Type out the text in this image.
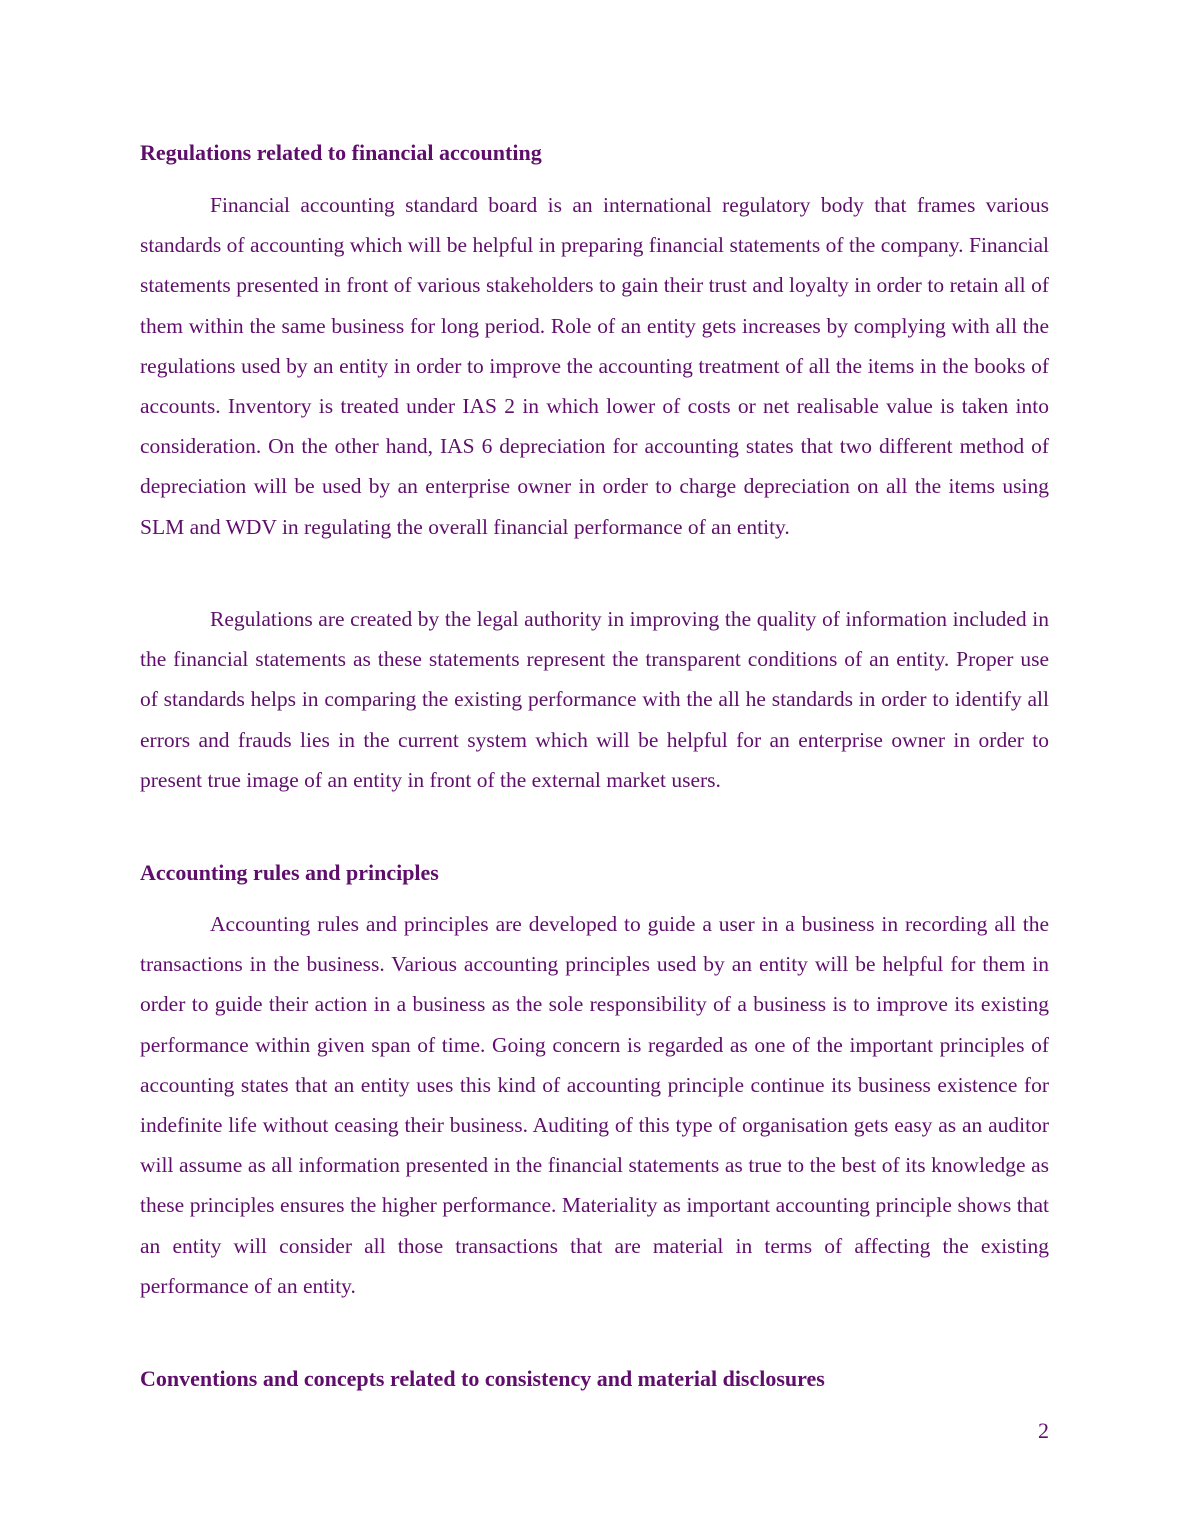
Regulations related to financial accounting

Financial accounting standard board is an international regulatory body that frames various standards of accounting which will be helpful in preparing financial statements of the company. Financial statements presented in front of various stakeholders to gain their trust and loyalty in order to retain all of them within the same business for long period. Role of an entity gets increases by complying with all the regulations used by an entity in order to improve the accounting treatment of all the items in the books of accounts. Inventory is treated under IAS 2 in which lower of costs or net realisable value is taken into consideration. On the other hand, IAS 6 depreciation for accounting states that two different method of depreciation will be used by an enterprise owner in order to charge depreciation on all the items using SLM and WDV in regulating the overall financial performance of an entity.

Regulations are created by the legal authority in improving the quality of information included in the financial statements as these statements represent the transparent conditions of an entity. Proper use of standards helps in comparing the existing performance with the all he standards in order to identify all errors and frauds lies in the current system which will be helpful for an enterprise owner in order to present true image of an entity in front of the external market users.

Accounting rules and principles

Accounting rules and principles are developed to guide a user in a business in recording all the transactions in the business. Various accounting principles used by an entity will be helpful for them in order to guide their action in a business as the sole responsibility of a business is to improve its existing performance within given span of time. Going concern is regarded as one of the important principles of accounting states that an entity uses this kind of accounting principle continue its business existence for indefinite life without ceasing their business. Auditing of this type of organisation gets easy as an auditor will assume as all information presented in the financial statements as true to the best of its knowledge as these principles ensures the higher performance. Materiality as important accounting principle shows that an entity will consider all those transactions that are material in terms of affecting the existing performance of an entity.

Conventions and concepts related to consistency and material disclosures
2
